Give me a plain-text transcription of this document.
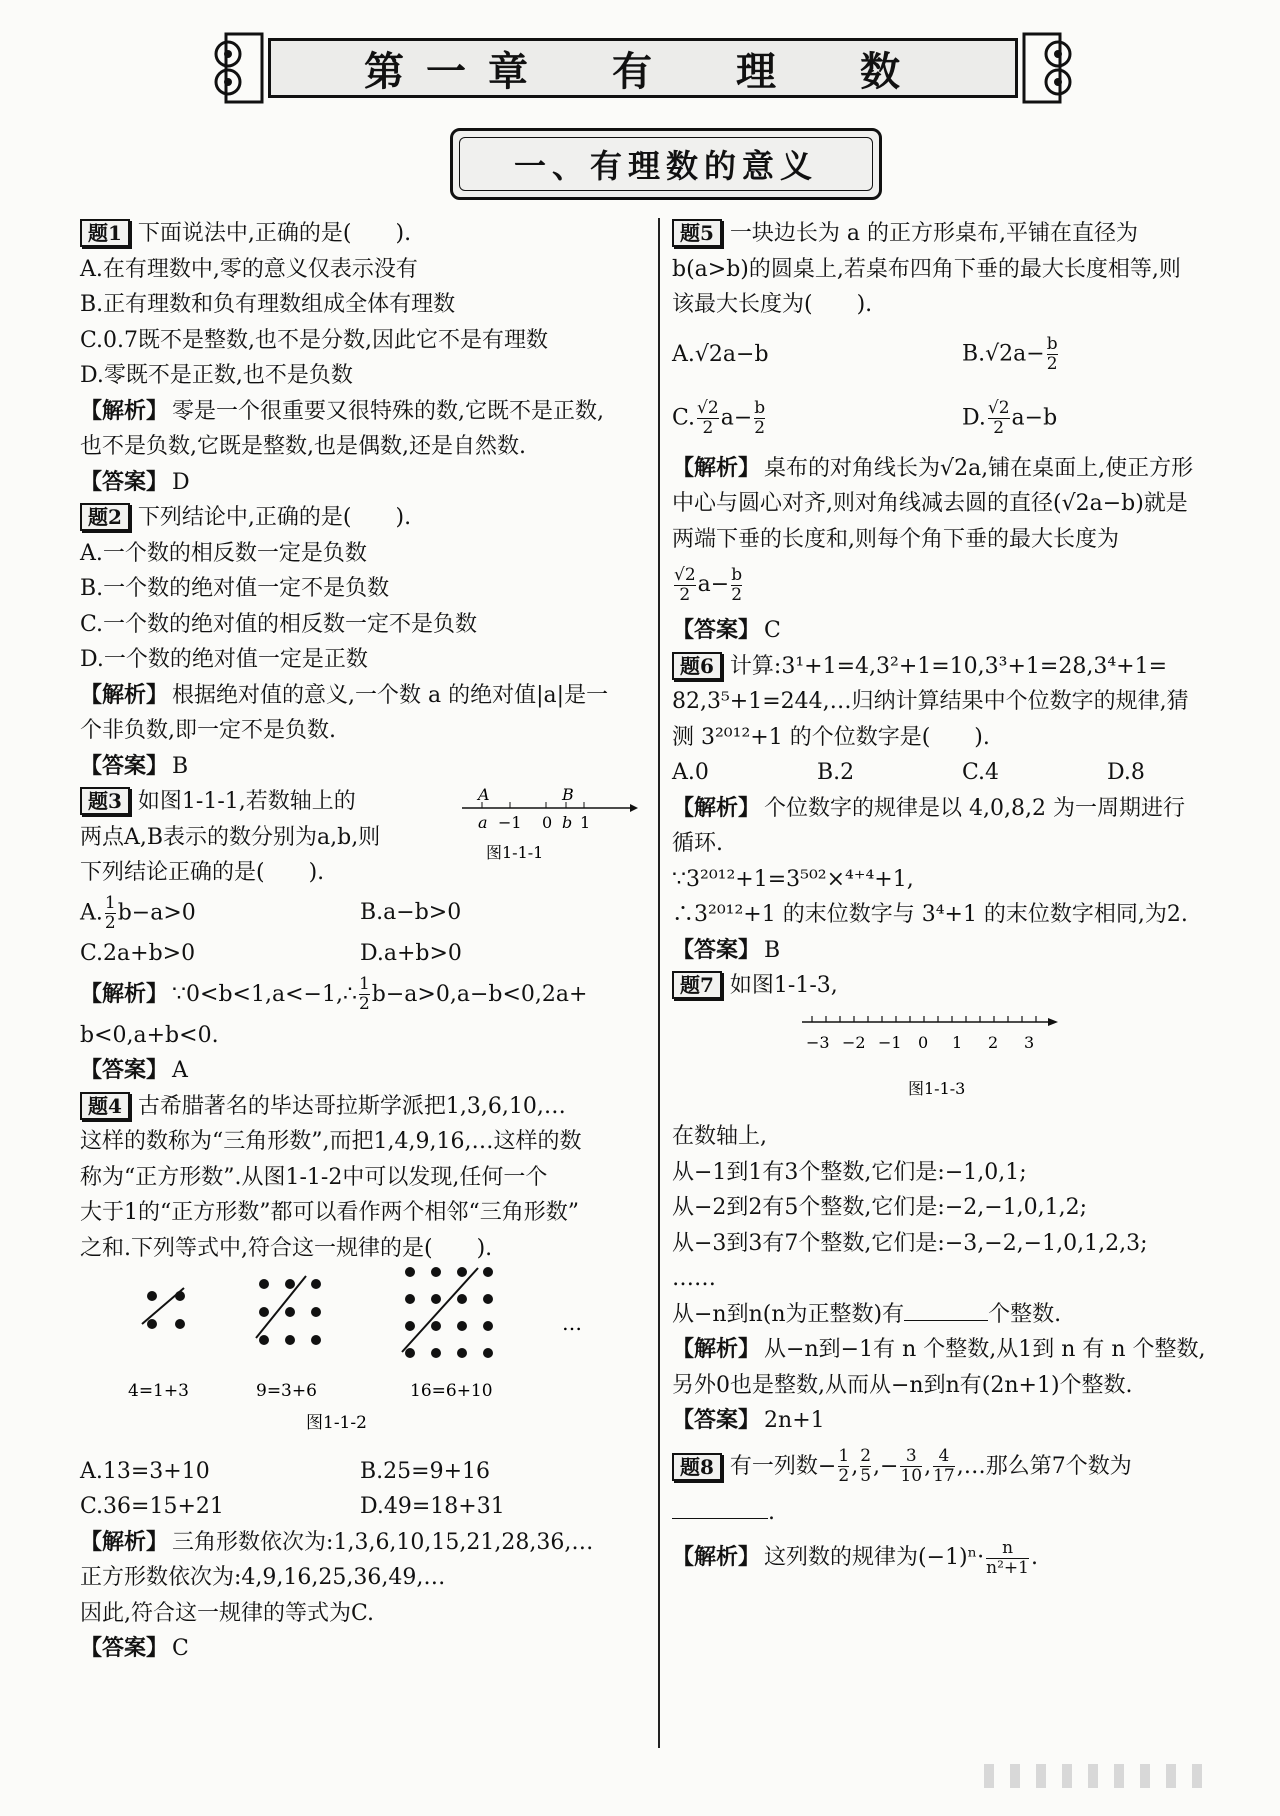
第一章　有　理　数
一、有理数的意义
题1 下面说法中,正确的是(　　).
A.在有理数中,零的意义仅表示没有
B.正有理数和负有理数组成全体有理数
C.0.7既不是整数,也不是分数,因此它不是有理数
D.零既不是正数,也不是负数
【 解析 】 零是一个很重要又很特殊的数,它既不是正数,
也不是负数,它既是整数,也是偶数,还是自然数.
【 答案 】 D
题2 下列结论中,正确的是(　　).
A.一个数的相反数一定是负数
B.一个数的绝对值一定不是负数
C.一个数的绝对值的相反数一定不是负数
D.一个数的绝对值一定是正数
【 解析 】 根据绝对值的意义,一个数 a 的绝对值|a|是一
个非负数,即一定不是负数.
【 答案 】 B
题3 如图1-1-1,若数轴上的
两点A,B表示的数分别为a,b,则
下列结论正确的是(　　).
A	B
a −1 0 b 1
图1-1-1
A. $\frac{1}{2} b-a>0$	B.a−b>0
C.2a+b>0	D.a+b>0
【 解析 】	∵0<b<1,a<−1,∴ $\frac{1}{2} b-a>0,a-b<0,2a+$
b<0,a+b<0.
【 答案 】 A
题4 古希腊著名的毕达哥拉斯学派把1,3,6,10,…
这样的数称为“三角形数”,而把1,4,9,16,…这样的数
称为“正方形数”.从图1-1-2中可以发现,任何一个
大于1的“正方形数”都可以看作两个相邻“三角形数”
之和.下列等式中,符合这一规律的是(　　).
…
4=1+3	9=3+6	16=6+10
图1-1-2
A.13=3+10	B.25=9+16
C.36=15+21	D.49=18+31
【 解析 】 三角形数依次为:1,3,6,10,15,21,28,36,…
正方形数依次为:4,9,16,25,36,49,…
因此,符合这一规律的等式为C.
【 答案 】 C
题5 一块边长为 a 的正方形桌布,平铺在直径为
b(a>b)的圆桌上,若桌布四角下垂的最大长度相等,则
该最大长度为(　　).
A.√2a−b	$B.√2a- \frac{b}{2}$
C. $\frac{√2}{2} a- \frac{b}{2}$	D. $\frac{√2}{2} a-b$
【 解析 】 桌布的对角线长为√2a,铺在桌面上,使正方形
中心与圆心对齐,则对角线减去圆的直径(√2a−b)就是
两端下垂的长度和,则每个角下垂的最大长度为
$\frac{√2}{2} a- \frac{b}{2}$
【 答案 】 C
题6 计算:3¹+1=4,3²+1=10,3³+1=28,3⁴+1=
82,3⁵+1=244,…归纳计算结果中个位数字的规律,猜
测 3²⁰¹²+1 的个位数字是(　　).
A.0	B.2	C.4	D.8
【 解析 】 个位数字的规律是以 4,0,8,2 为一周期进行
循环.
∵3²⁰¹²+1=3⁵⁰²×⁴⁺⁴+1,
∴3²⁰¹²+1 的末位数字与 3⁴+1 的末位数字相同,为2.
【 答案 】 B
题7 如图1-1-3,
−3 −2 −1 0 1 2 3
图1-1-3
在数轴上,
从−1到1有3个整数,它们是:−1,0,1;
从−2到2有5个整数,它们是:−2,−1,0,1,2;
从−3到3有7个整数,它们是:−3,−2,−1,0,1,2,3;
……
从−n到n(n为正整数)有	个整数.
【 解析 】 从−n到−1有 n 个整数,从1到 n 有 n 个整数,
另外0也是整数,从而从−n到n有(2n+1)个整数.
【 答案 】 2n+1
题8 有一列数− $\frac{1}{2}$ , $\frac{2}{5}$ ,− $\frac{3}{10}$ , $\frac{4}{17}$ ,…那么第7个数为
.
【 解析 】	这列数的规律为$(-1)^n\cdot \frac{n}{\text{n²+1}}$ .
